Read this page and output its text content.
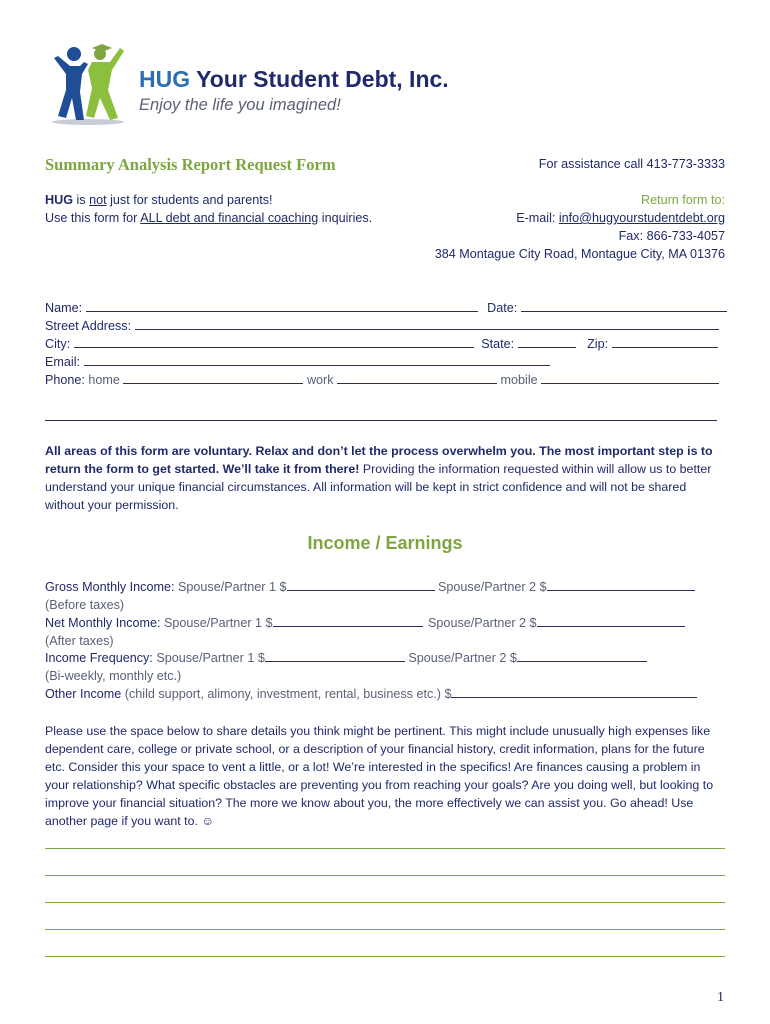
HUG Your Student Debt, Inc.
Enjoy the life you imagined!
Summary Analysis Report Request Form
HUG is not just for students and parents!
Use this form for ALL debt and financial coaching inquiries.
For assistance call 413-773-3333
Return form to:
E-mail: info@hugyourstudentdebt.org
Fax: 866-733-4057
384 Montague City Road, Montague City, MA 01376
Name:	Date:
Street Address:
City:	State:	Zip:
Email:
Phone: home	work	mobile
All areas of this form are voluntary. Relax and don’t let the process overwhelm you. The most important step is to
return the form to get started. We’ll take it from there! Providing the information requested within will allow us to better
understand your unique financial circumstances. All information will be kept in strict confidence and will not be shared
without your permission.
Income / Earnings
Gross Monthly Income: Spouse/Partner 1 $	Spouse/Partner 2 $
(Before taxes)
Net Monthly Income: Spouse/Partner 1 $	Spouse/Partner 2 $
(After taxes)
Income Frequency: Spouse/Partner 1 $	Spouse/Partner 2 $
(Bi-weekly, monthly etc.)
Other Income (child support, alimony, investment, rental, business etc.) $
Please use the space below to share details you think might be pertinent. This might include unusually high expenses like
dependent care, college or private school, or a description of your financial history, credit information, plans for the future
etc. Consider this your space to vent a little, or a lot! We’re interested in the specifics! Are finances causing a problem in
your relationship? What specific obstacles are preventing you from reaching your goals? Are you doing well, but looking to
improve your financial situation? The more we know about you, the more effectively we can assist you. Go ahead! Use
another page if you want to. ☺
1
